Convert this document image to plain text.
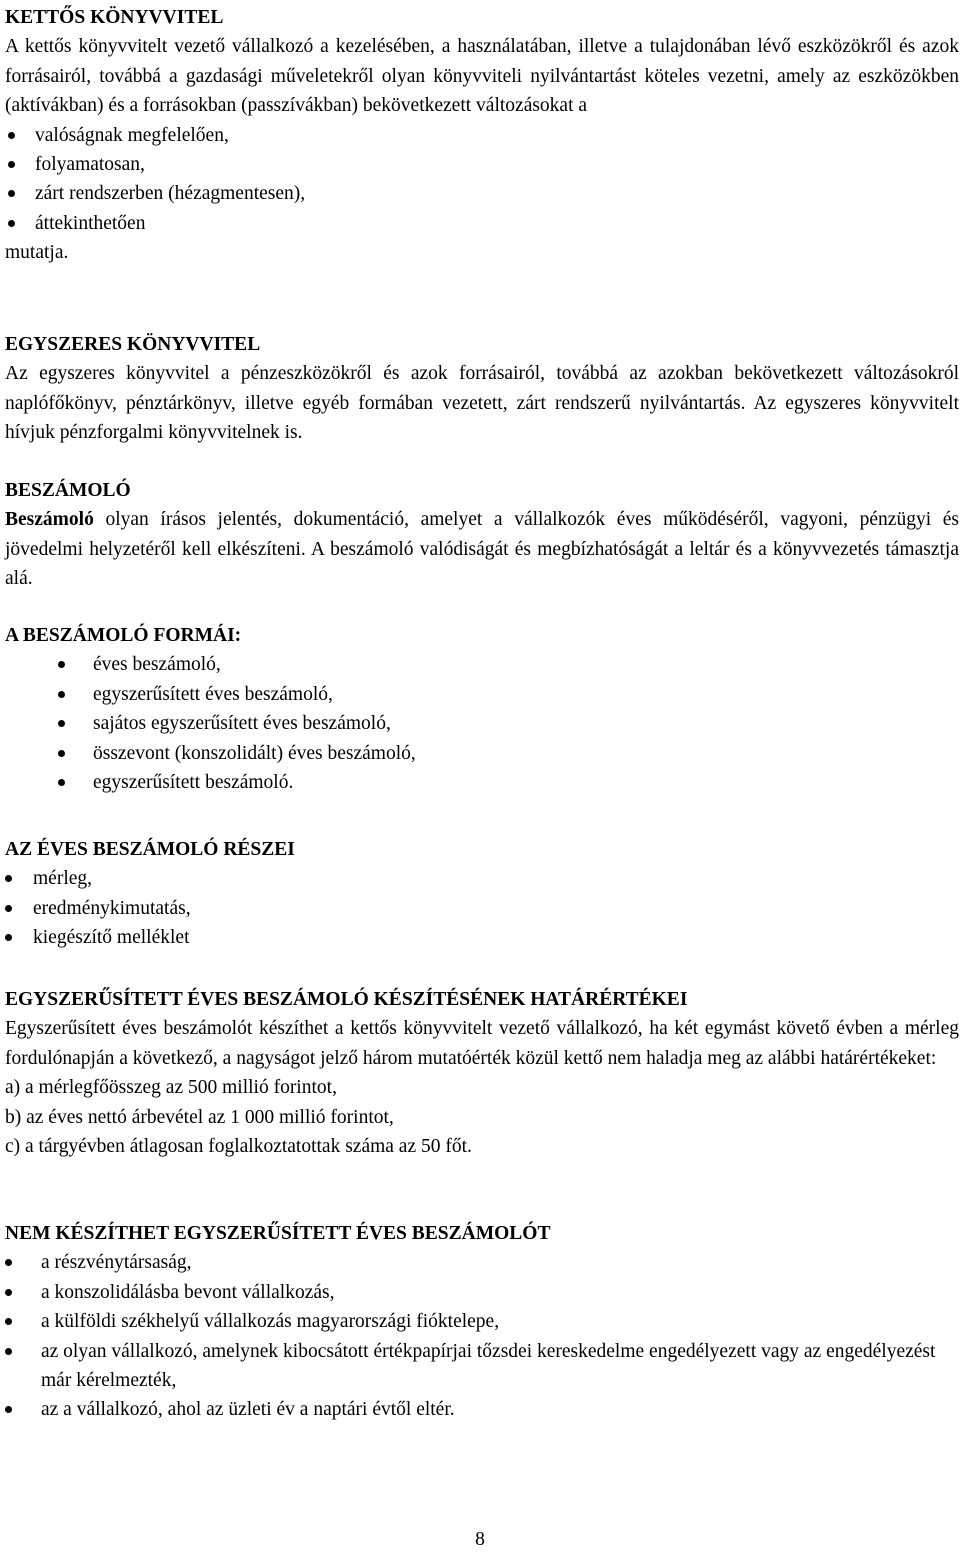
KETTŐS KÖNYVVITEL

A kettős könyvvitelt vezető vállalkozó a kezelésében, a használatában, illetve a tulajdonában lévő eszközökről és azok forrásairól, továbbá a gazdasági műveletekről olyan könyvviteli nyilvántartást köteles vezetni, amely az eszközökben (aktívákban) és a forrásokban (passzívákban) bekövetkezett változásokat a

valóságnak megfelelően,
folyamatosan,
zárt rendszerben (hézagmentesen),
áttekinthetően

mutatja.

EGYSZERES KÖNYVVITEL

Az egyszeres könyvvitel a pénzeszközökről és azok forrásairól, továbbá az azokban bekövetkezett változásokról naplófőkönyv, pénztárkönyv, illetve egyéb formában vezetett, zárt rendszerű nyilvántartás. Az egyszeres könyvvitelt hívjuk pénzforgalmi könyvvitelnek is.

BESZÁMOLÓ

Beszámoló olyan írásos jelentés, dokumentáció, amelyet a vállalkozók éves működéséről, vagyoni, pénzügyi és jövedelmi helyzetéről kell elkészíteni. A beszámoló valódiságát és megbízhatóságát a leltár és a könyvvezetés támasztja alá.

A BESZÁMOLÓ FORMÁI:

éves beszámoló,
egyszerűsített éves beszámoló,
sajátos egyszerűsített éves beszámoló,
összevont (konszolidált) éves beszámoló,
egyszerűsített beszámoló.

AZ ÉVES BESZÁMOLÓ RÉSZEI

mérleg,
eredménykimutatás,
kiegészítő melléklet

EGYSZERŰSÍTETT ÉVES BESZÁMOLÓ KÉSZÍTÉSÉNEK HATÁRÉRTÉKEI

Egyszerűsített éves beszámolót készíthet a kettős könyvvitelt vezető vállalkozó, ha két egymást követő évben a mérleg fordulónapján a következő, a nagyságot jelző három mutatóérték közül kettő nem haladja meg az alábbi határértékeket:

a) a mérlegfőösszeg az 500 millió forintot,

b) az éves nettó árbevétel az 1 000 millió forintot,

c) a tárgyévben átlagosan foglalkoztatottak száma az 50 főt.

NEM KÉSZÍTHET EGYSZERŰSÍTETT ÉVES BESZÁMOLÓT

a részvénytársaság,
a konszolidálásba bevont vállalkozás,
a külföldi székhelyű vállalkozás magyarországi fióktelepe,
az olyan vállalkozó, amelynek kibocsátott értékpapírjai tőzsdei kereskedelme engedélyezett vagy az engedélyezést már kérelmezték,
az a vállalkozó, ahol az üzleti év a naptári évtől eltér.
8
